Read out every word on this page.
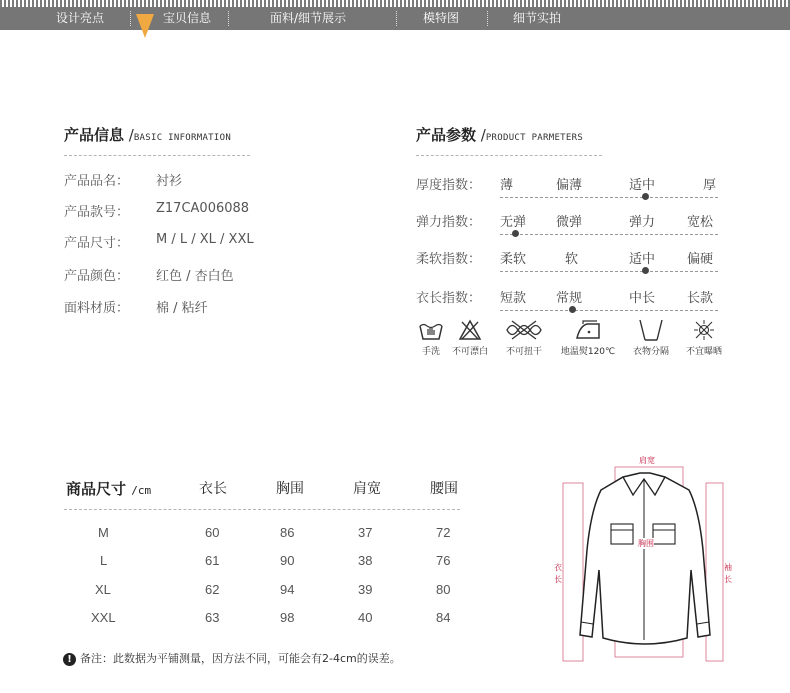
设计亮点	宝贝信息	面料/细节展示	模特图	细节实拍
产品信息 /BASIC INFORMATION
产品品名： 衬衫
产品款号： Z17CA006088
产品尺寸： M / L / XL / XXL
产品颜色： 红色 / 杏白色
面料材质： 棉 / 粘纤
产品参数 /PRODUCT PARMETERS
厚度指数： 薄	偏薄	适中	厚
弹力指数： 无弹 微弹	弹力 宽松
柔软指数： 柔软	软	适中 偏硬
衣长指数： 短款 常规	中长 长款
手洗	不可漂白	不可扭干	地温熨120℃	衣物分隔	不宜曝晒
商品尺寸 /cm	衣长	胸围	肩宽	腰围
M	60	86	37	72
L	61	90	38	76
XL	62	94	39	80
XXL	63	98	40	84
! 备注：此数据为平铺测量，因方法不同，可能会有2-4cm的误差。
肩宽
胸围
衣长
袖长
